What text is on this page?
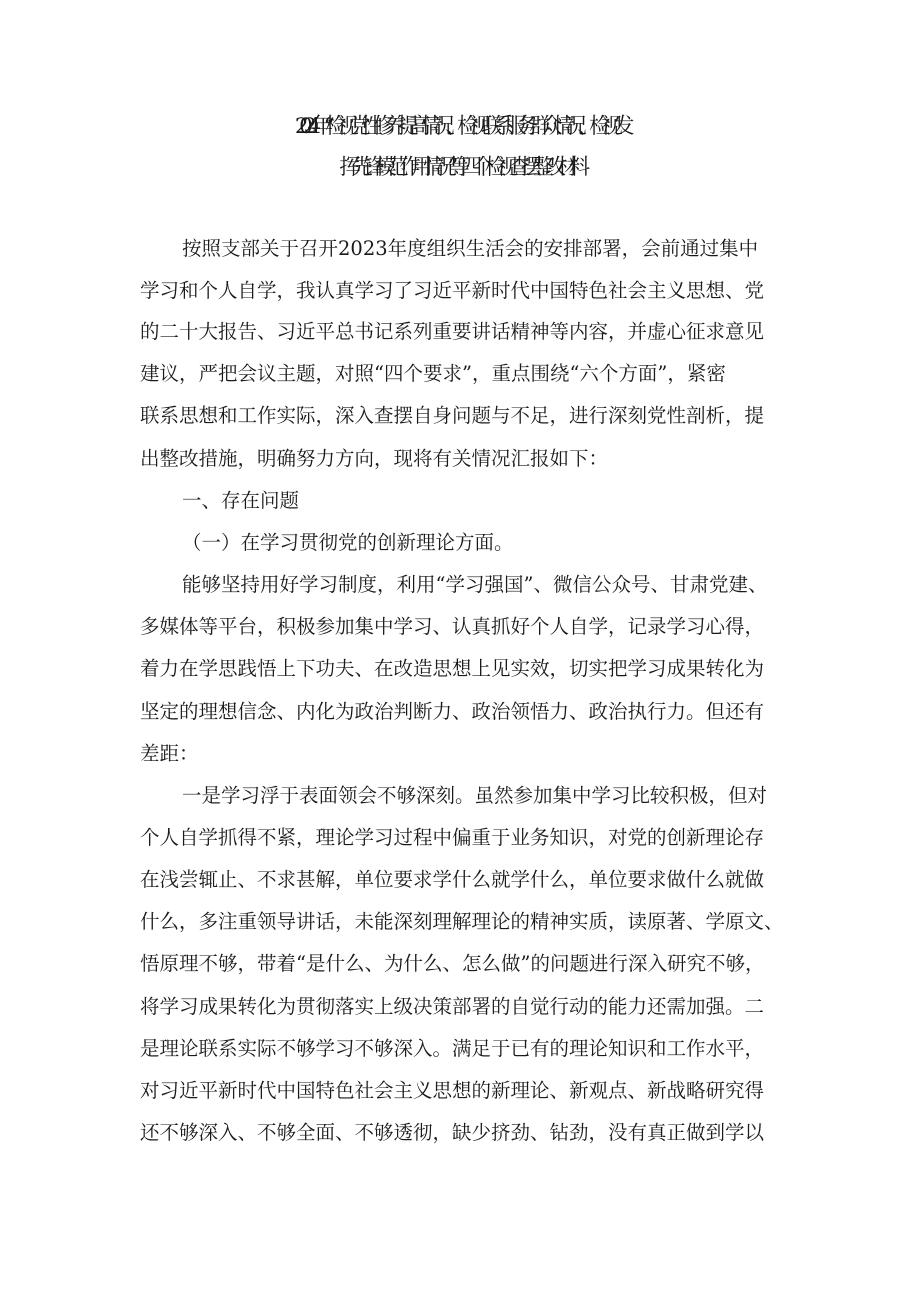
2024年“检视党性修养提高情况、检视联系服务群众情况、检视发
挥先锋模范作用情况”等四个检视查摆整改材料
按照支部关于召开2023年度组织生活会的安排部署，会前通过集中
学习和个人自学，我认真学习了习近平新时代中国特色社会主义思想、党
的二十大报告、习近平总书记系列重要讲话精神等内容，并虚心征求意见
建议，严把会议主题，对照“四个要求”，重点围绕“六个方面”，紧密
联系思想和工作实际，深入查摆自身问题与不足，进行深刻党性剖析，提
出整改措施，明确努力方向，现将有关情况汇报如下：
一、存在问题
（一）在学习贯彻党的创新理论方面。
能够坚持用好学习制度，利用“学习强国”、微信公众号、甘肃党建、
多媒体等平台，积极参加集中学习、认真抓好个人自学，记录学习心得，
着力在学思践悟上下功夫、在改造思想上见实效，切实把学习成果转化为
坚定的理想信念、内化为政治判断力、政治领悟力、政治执行力。但还有
差距：
一是学习浮于表面领会不够深刻。虽然参加集中学习比较积极，但对
个人自学抓得不紧，理论学习过程中偏重于业务知识，对党的创新理论存
在浅尝辄止、不求甚解，单位要求学什么就学什么，单位要求做什么就做
什么，多注重领导讲话，未能深刻理解理论的精神实质，读原著、学原文、
悟原理不够，带着“是什么、为什么、怎么做”的问题进行深入研究不够，
将学习成果转化为贯彻落实上级决策部署的自觉行动的能力还需加强。二
是理论联系实际不够学习不够深入。满足于已有的理论知识和工作水平，
对习近平新时代中国特色社会主义思想的新理论、新观点、新战略研究得
还不够深入、不够全面、不够透彻，缺少挤劲、钻劲，没有真正做到学以
